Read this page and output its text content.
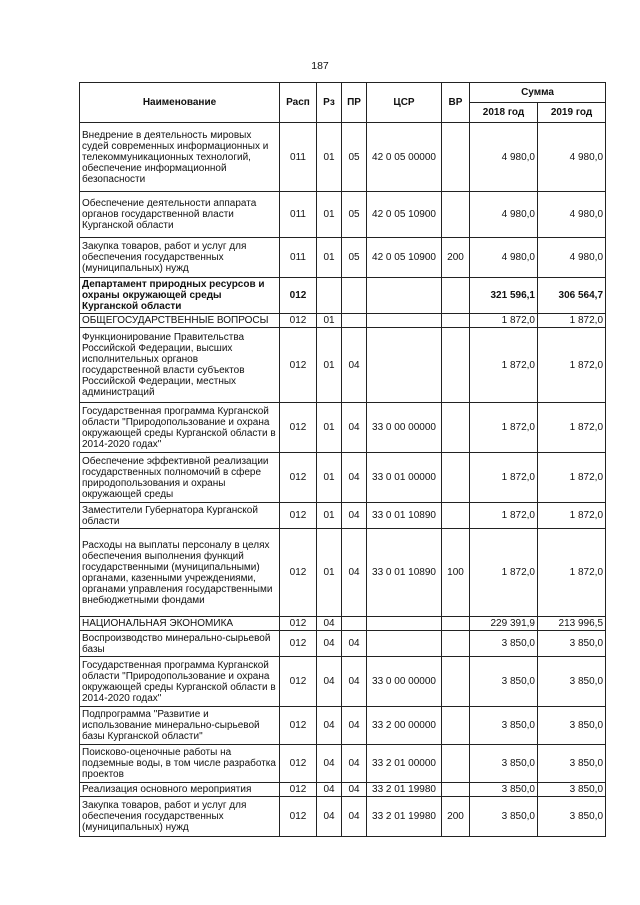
187
Наименование	Расп	Рз	ПР	ЦСР	ВР	Сумма	
						2018 год	2019 год
Внедрение в деятельность мировых судей современных информационных и телекоммуникационных технологий, обеспечение информационной безопасности	011	01	05	42 0 05 00000		4 980,0	4 980,0
Обеспечение деятельности аппарата органов государственной власти Курганской области	011	01	05	42 0 05 10900		4 980,0	4 980,0
Закупка товаров, работ и услуг для обеспечения государственных (муниципальных) нужд	011	01	05	42 0 05 10900	200	4 980,0	4 980,0
Департамент природных ресурсов и охраны окружающей среды Курганской области	012					321 596,1	306 564,7
ОБЩЕГОСУДАРСТВЕННЫЕ ВОПРОСЫ	012	01				1 872,0	1 872,0
Функционирование Правительства Российской Федерации, высших исполнительных органов государственной власти субъектов Российской Федерации, местных администраций	012	01	04			1 872,0	1 872,0
Государственная программа Курганской области "Природопользование и охрана окружающей среды Курганской области в 2014-2020 годах"	012	01	04	33 0 00 00000		1 872,0	1 872,0
Обеспечение эффективной реализации государственных полномочий в сфере природопользования и охраны окружающей среды	012	01	04	33 0 01 00000		1 872,0	1 872,0
Заместители Губернатора Курганской области	012	01	04	33 0 01 10890		1 872,0	1 872,0
Расходы на выплаты персоналу в целях обеспечения выполнения функций государственными (муниципальными) органами, казенными учреждениями, органами управления государственными внебюджетными фондами	012	01	04	33 0 01 10890	100	1 872,0	1 872,0
НАЦИОНАЛЬНАЯ ЭКОНОМИКА	012	04				229 391,9	213 996,5
Воспроизводство минерально-сырьевой базы	012	04	04			3 850,0	3 850,0
Государственная программа Курганской области "Природопользование и охрана окружающей среды Курганской области в 2014-2020 годах"	012	04	04	33 0 00 00000		3 850,0	3 850,0
Подпрограмма "Развитие и использование минерально-сырьевой базы Курганской области"	012	04	04	33 2 00 00000		3 850,0	3 850,0
Поисково-оценочные работы на подземные воды, в том числе разработка проектов	012	04	04	33 2 01 00000		3 850,0	3 850,0
Реализация основного мероприятия	012	04	04	33 2 01 19980		3 850,0	3 850,0
Закупка товаров, работ и услуг для обеспечения государственных (муниципальных) нужд	012	04	04	33 2 01 19980	200	3 850,0	3 850,0
